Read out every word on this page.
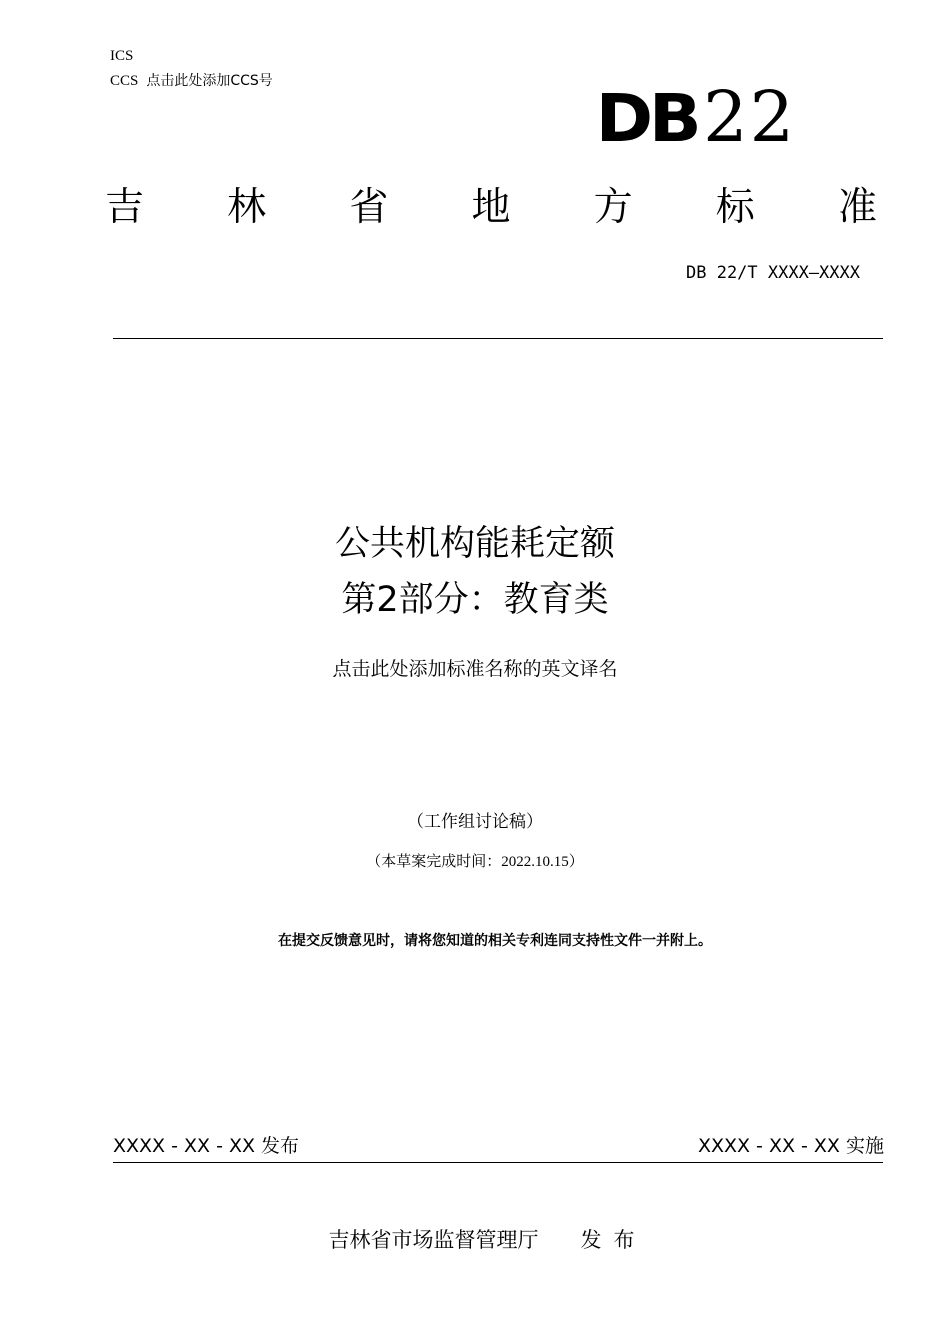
ICS
CCS 点击此处添加CCS号	DB22
吉 林 省 地 方 标 准
DB 22/T XXXX—XXXX
公共机构能耗定额
第2部分：教育类
点击此处添加标准名称的英文译名
（工作组讨论稿）
（本草案完成时间：2022.10.15）
在提交反馈意见时，请将您知道的相关专利连同支持性文件一并附上。
XXXX - XX - XX 发布	XXXX - XX - XX 实施
吉林省市场监督管理厅 发布
